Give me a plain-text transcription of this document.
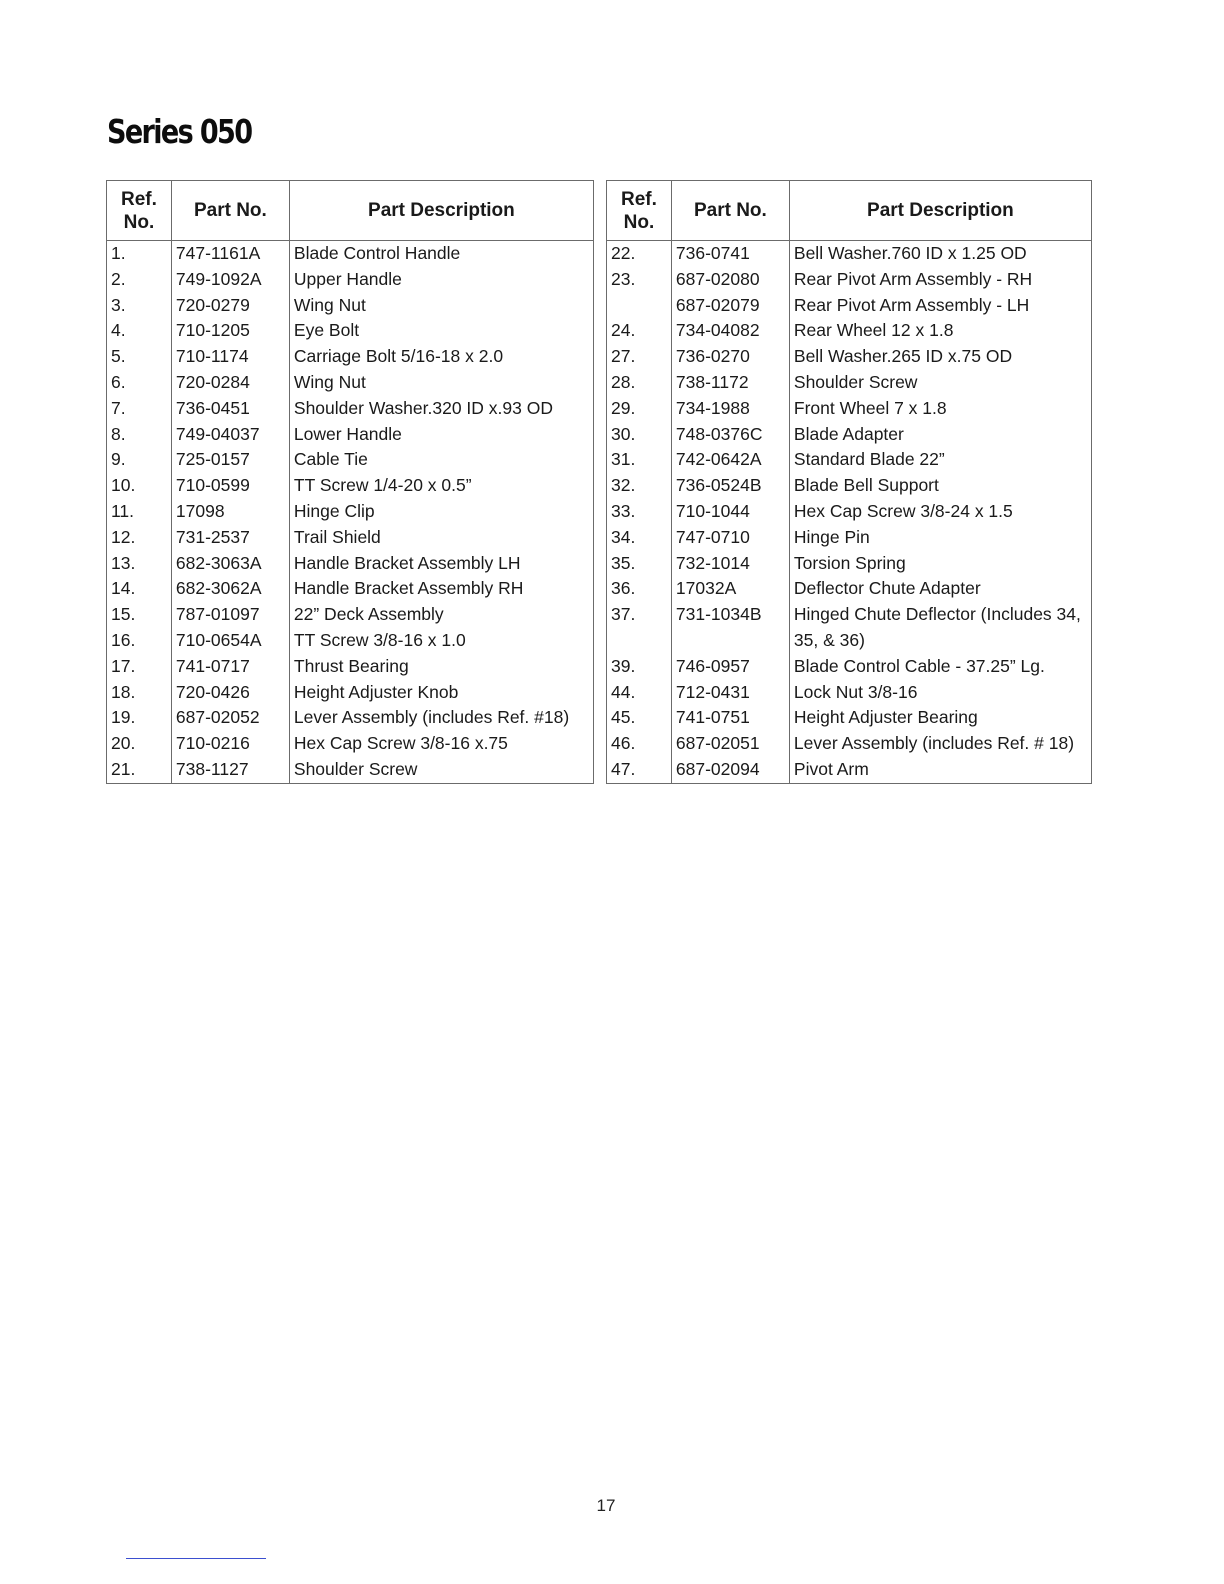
Series 050
Ref. No.	Part No.	Part Description
1.	747-1161A	Blade Control Handle
2.	749-1092A	Upper Handle
3.	720-0279	Wing Nut
4.	710-1205	Eye Bolt
5.	710-1174	Carriage Bolt 5/16-18 x 2.0
6.	720-0284	Wing Nut
7.	736-0451	Shoulder Washer.320 ID x.93 OD
8.	749-04037	Lower Handle
9.	725-0157	Cable Tie
10.	710-0599	TT Screw 1/4-20 x 0.5”
11.	17098	Hinge Clip
12.	731-2537	Trail Shield
13.	682-3063A	Handle Bracket Assembly LH
14.	682-3062A	Handle Bracket Assembly RH
15.	787-01097	22” Deck Assembly
16.	710-0654A	TT Screw 3/8-16 x 1.0
17.	741-0717	Thrust Bearing
18.	720-0426	Height Adjuster Knob
19.	687-02052	Lever Assembly (includes Ref. #18)
20.	710-0216	Hex Cap Screw 3/8-16 x.75
21.	738-1127	Shoulder Screw
Ref. No.	Part No.	Part Description
22.	736-0741	Bell Washer.760 ID x 1.25 OD
23.	687-02080	Rear Pivot Arm Assembly - RH
	687-02079	Rear Pivot Arm Assembly - LH
24.	734-04082	Rear Wheel 12 x 1.8
27.	736-0270	Bell Washer.265 ID x.75 OD
28.	738-1172	Shoulder Screw
29.	734-1988	Front Wheel 7 x 1.8
30.	748-0376C	Blade Adapter
31.	742-0642A	Standard Blade 22”
32.	736-0524B	Blade Bell Support
33.	710-1044	Hex Cap Screw 3/8-24 x 1.5
34.	747-0710	Hinge Pin
35.	732-1014	Torsion Spring
36.	17032A	Deflector Chute Adapter
37.	731-1034B	Hinged Chute Deflector (Includes 34, 35, & 36)
39.	746-0957	Blade Control Cable - 37.25” Lg.
44.	712-0431	Lock Nut 3/8-16
45.	741-0751	Height Adjuster Bearing
46.	687-02051	Lever Assembly (includes Ref. # 18)
47.	687-02094	Pivot Arm
17
